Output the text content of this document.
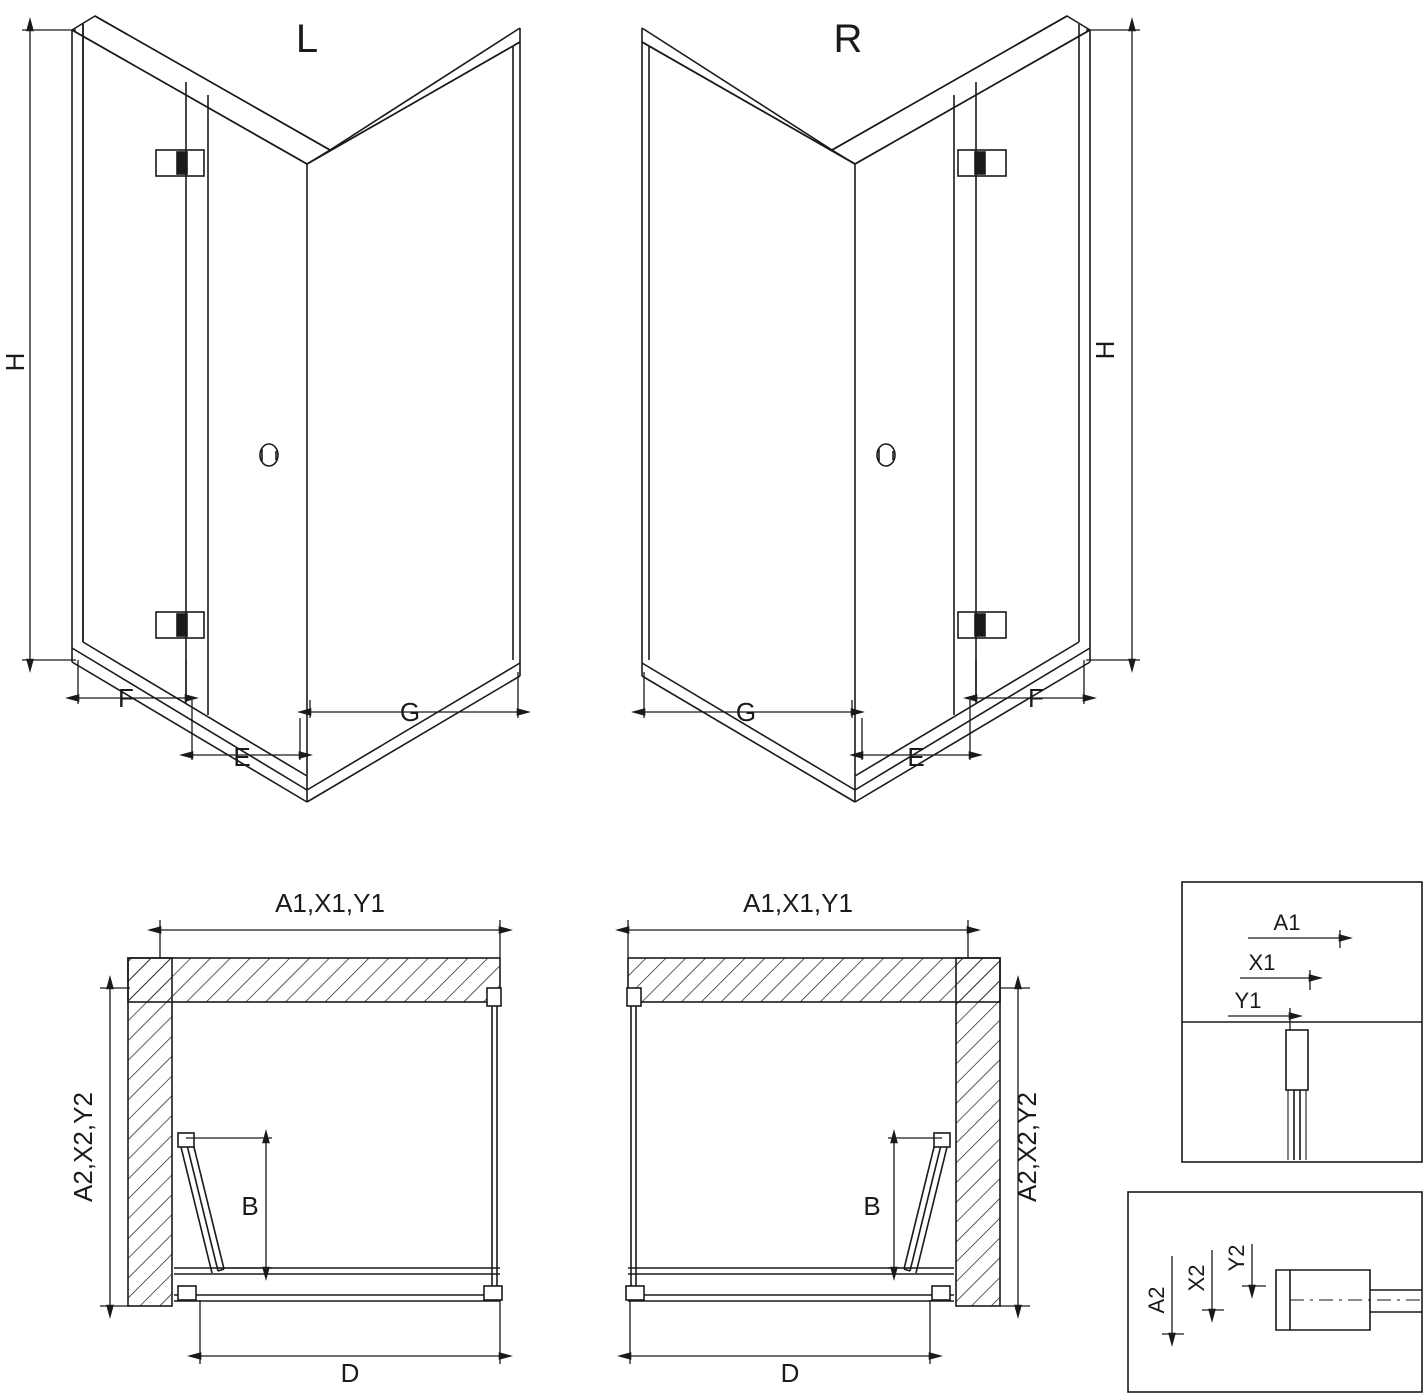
H
F
E
G
L
H
F
E
G
R
A1,X1,Y1
A2,X2,Y2
B
D
A1,X1,Y1
A2,X2,Y2
B
D
A1
X1
Y1
A2
X2
Y2
